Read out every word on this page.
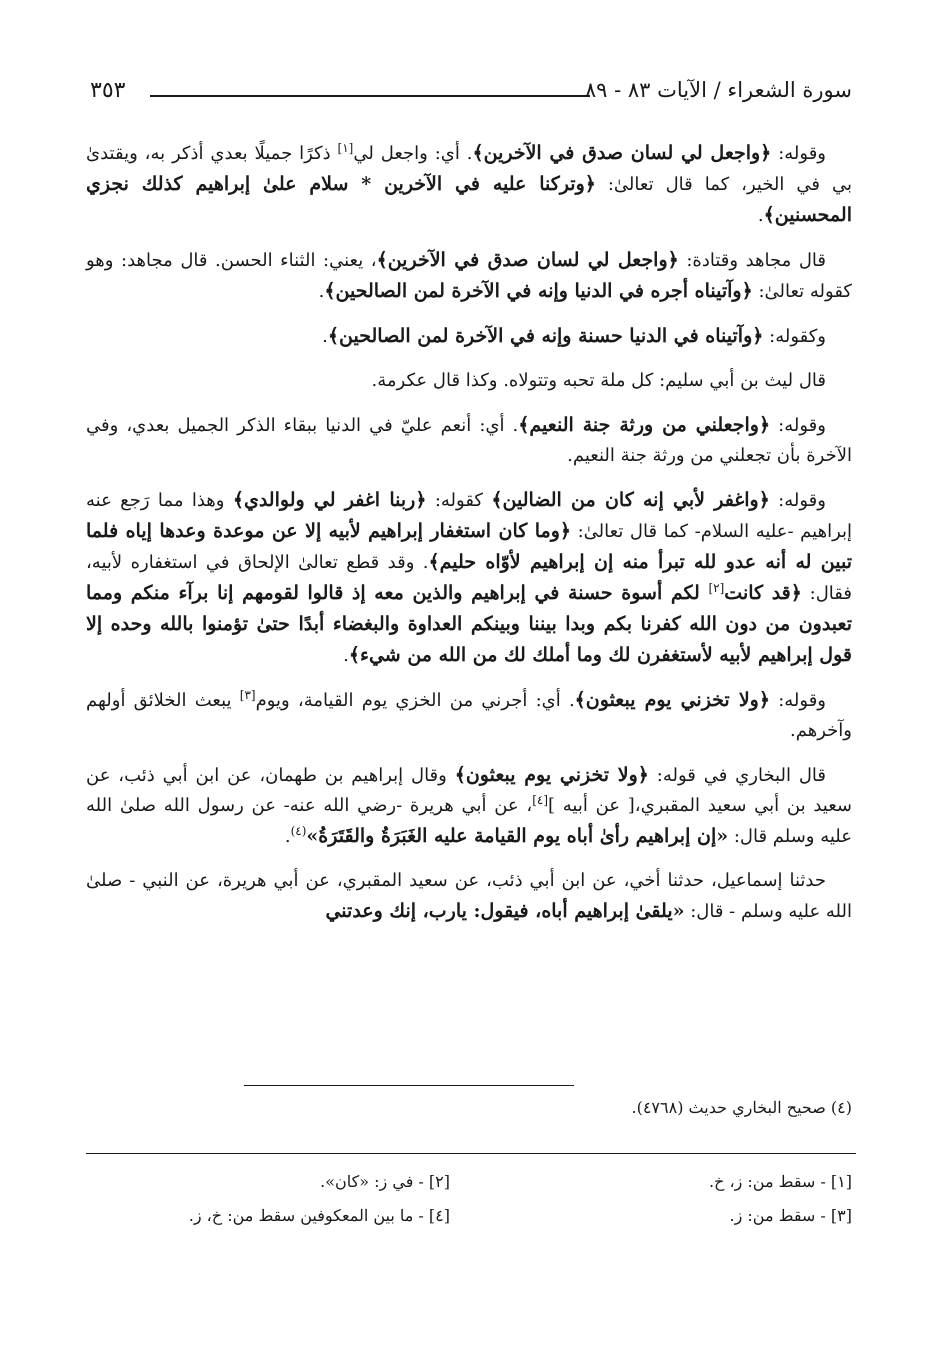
سورة الشعراء / الآيات ٨٣ - ٨٩
٣٥٣

وقوله: ﴿واجعل لي لسان صدق في الآخرين﴾. أي: واجعل لي[١] ذكرًا جميلًا بعدي أذكر به، ويقتدىٰ بي في الخير، كما قال تعالىٰ: ﴿وتركنا عليه في الآخرين * سلام علىٰ إبراهيم كذلك نجزي المحسنين﴾.

قال مجاهد وقتادة: ﴿واجعل لي لسان صدق في الآخرين﴾، يعني: الثناء الحسن. قال مجاهد: وهو كقوله تعالىٰ: ﴿وآتيناه أجره في الدنيا وإنه في الآخرة لمن الصالحين﴾.

وكقوله: ﴿وآتيناه في الدنيا حسنة وإنه في الآخرة لمن الصالحين﴾.

قال ليث بن أبي سليم: كل ملة تحبه وتتولاه. وكذا قال عكرمة.

وقوله: ﴿واجعلني من ورثة جنة النعيم﴾. أي: أنعم عليّ في الدنيا ببقاء الذكر الجميل بعدي، وفي الآخرة بأن تجعلني من ورثة جنة النعيم.

وقوله: ﴿واغفر لأبي إنه كان من الضالين﴾ كقوله: ﴿ربنا اغفر لي ولوالدي﴾ وهذا مما رَجع عنه إبراهيم -عليه السلام- كما قال تعالىٰ: ﴿وما كان استغفار إبراهيم لأبيه إلا عن موعدة وعدها إياه فلما تبين له أنه عدو لله تبرأ منه إن إبراهيم لأوّاه حليم﴾. وقد قطع تعالىٰ الإلحاق في استغفاره لأبيه، فقال: ﴿قد كانت[٢] لكم أسوة حسنة في إبراهيم والذين معه إذ قالوا لقومهم إنا برآء منكم ومما تعبدون من دون الله كفرنا بكم وبدا بيننا وبينكم العداوة والبغضاء أبدًا حتىٰ تؤمنوا بالله وحده إلا قول إبراهيم لأبيه لأستغفرن لك وما أملك لك من الله من شيء﴾.

وقوله: ﴿ولا تخزني يوم يبعثون﴾. أي: أجرني من الخزي يوم القيامة، ويوم[٣] يبعث الخلائق أولهم وآخرهم.

قال البخاري في قوله: ﴿ولا تخزني يوم يبعثون﴾ وقال إبراهيم بن طهمان، عن ابن أبي ذئب، عن سعيد بن أبي سعيد المقبري،[ عن أبيه ][٤]، عن أبي هريرة -رضي الله عنه- عن رسول الله صلىٰ الله عليه وسلم قال: «إن إبراهيم رأىٰ أباه يوم القيامة عليه الغَبَرَةُ والقَتَرَةُ»$^{(٤)}$.

حدثنا إسماعيل، حدثنا أخي، عن ابن أبي ذئب، عن سعيد المقبري، عن أبي هريرة، عن النبي - صلىٰ الله عليه وسلم - قال: «يلقىٰ إبراهيم أباه، فيقول: يارب، إنك وعدتني

(٤) صحيح البخاري حديث (٤٧٦٨).
[١] - سقط من: ز، خ.
[٢] - في ز: «كان».
[٣] - سقط من: ز.
[٤] - ما بين المعكوفين سقط من: خ، ز.
